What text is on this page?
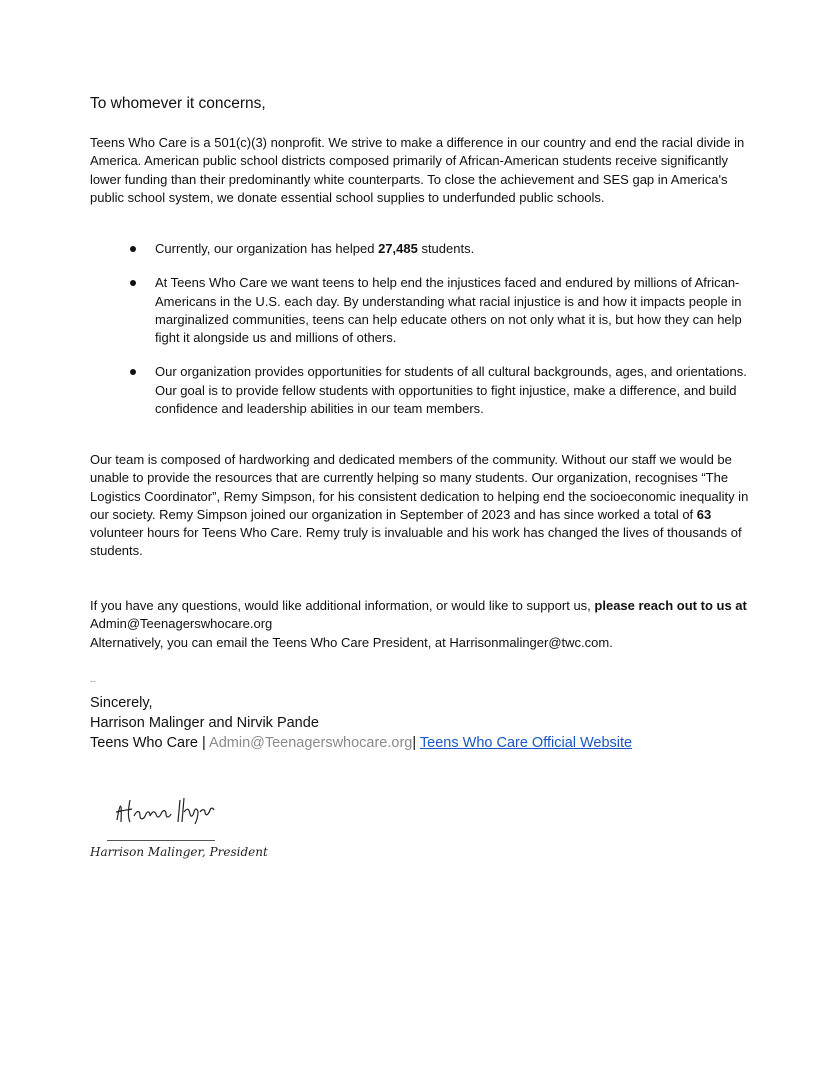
To whomever it concerns,

Teens Who Care is a 501(c)(3) nonprofit. We strive to make a difference in our country and end the racial divide in America. American public school districts composed primarily of African-American students receive significantly lower funding than their predominantly white counterparts. To close the achievement and SES gap in America's public school system, we donate essential school supplies to underfunded public schools.

Currently, our organization has helped 27,485 students.
At Teens Who Care we want teens to help end the injustices faced and endured by millions of African-Americans in the U.S. each day. By understanding what racial injustice is and how it impacts people in marginalized communities, teens can help educate others on not only what it is, but how they can help fight it alongside us and millions of others.
Our organization provides opportunities for students of all cultural backgrounds, ages, and orientations. Our goal is to provide fellow students with opportunities to fight injustice, make a difference, and build confidence and leadership abilities in our team members.

Our team is composed of hardworking and dedicated members of the community. Without our staff we would be unable to provide the resources that are currently helping so many students. Our organization, recognises “The Logistics Coordinator”, Remy Simpson, for his consistent dedication to helping end the socioeconomic inequality in our society. Remy Simpson joined our organization in September of 2023 and has since worked a total of 63 volunteer hours for Teens Who Care. Remy truly is invaluable and his work has changed the lives of thousands of students.

If you have any questions, would like additional information, or would like to support us, please reach out to us at Admin@Teenagerswhocare.org
Alternatively, you can email the Teens Who Care President, at Harrisonmalinger@twc.com.

--
Sincerely,
Harrison Malinger and Nirvik Pande
Teens Who Care | Admin@Teenagerswhocare.org| Teens Who Care Official Website
Harrison Malinger, President
